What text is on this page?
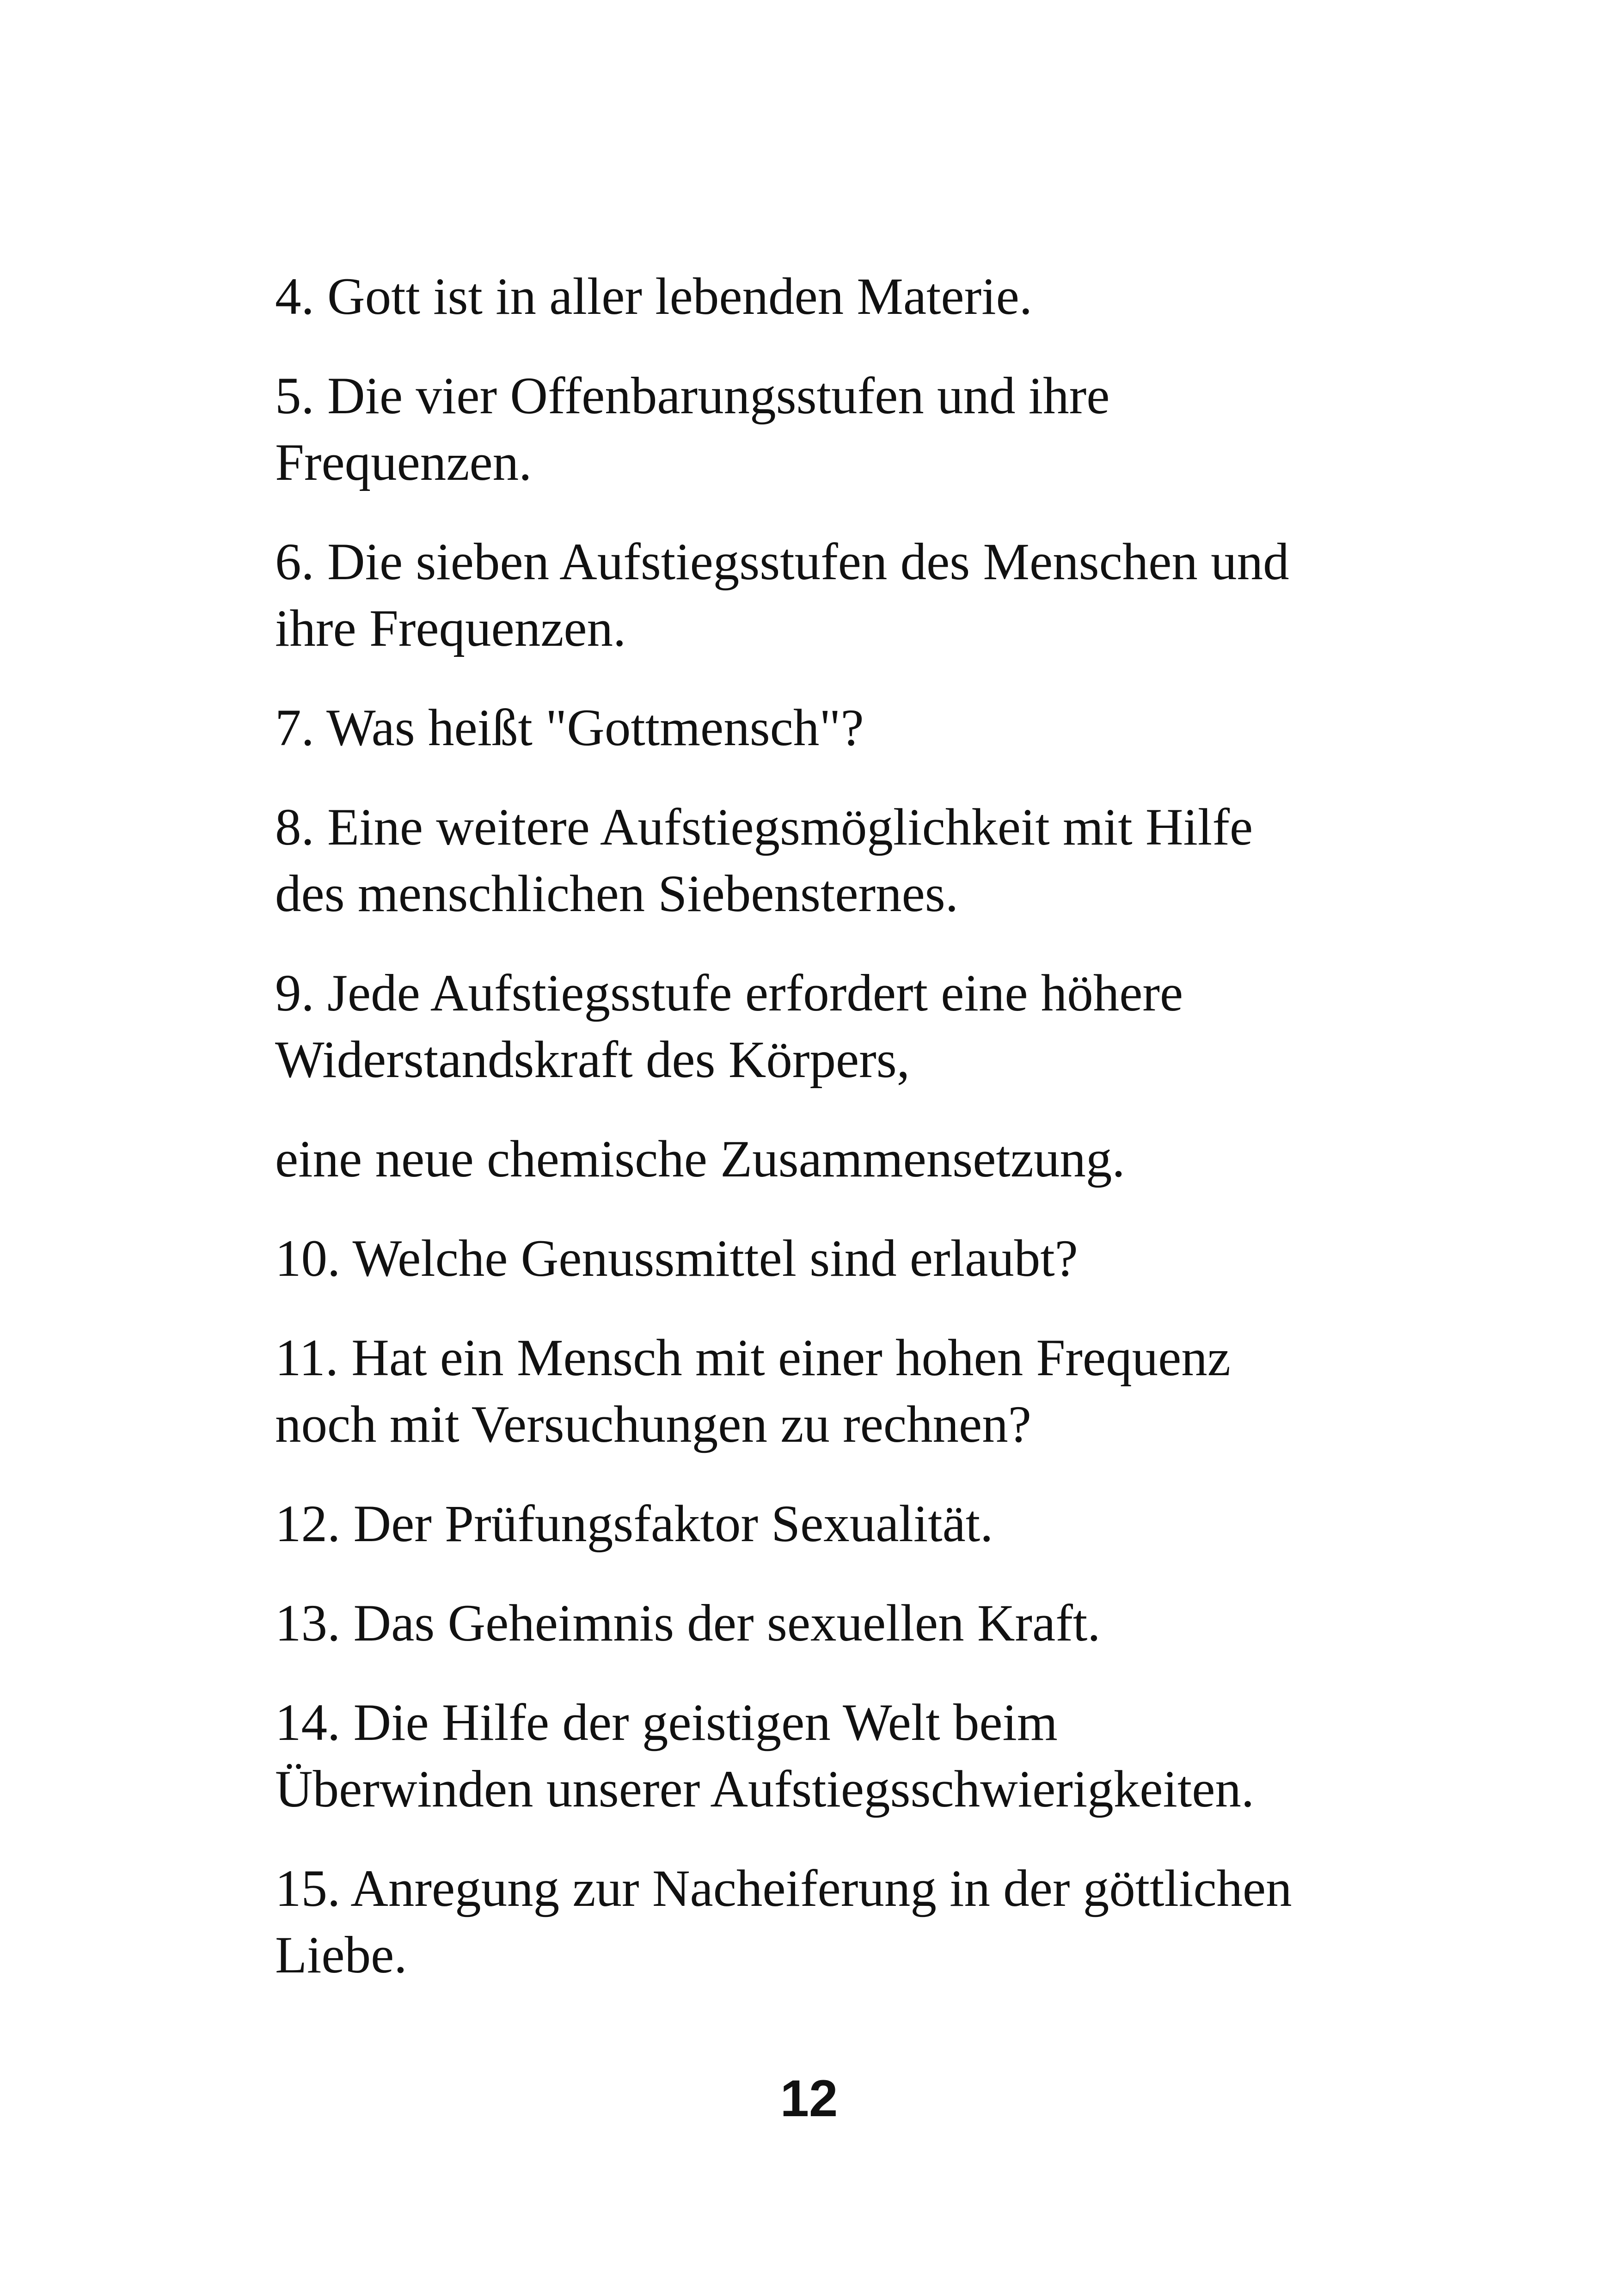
4. Gott ist in aller lebenden Materie.
5. Die vier Offenbarungsstufen und ihre
Frequenzen.
6. Die sieben Aufstiegsstufen des Menschen und
ihre Frequenzen.
7. Was heißt "Gottmensch"?
8. Eine weitere Aufstiegsmöglichkeit mit Hilfe
des menschlichen Siebensternes.
9. Jede Aufstiegsstufe erfordert eine höhere
Widerstandskraft des Körpers,
eine neue chemische Zusammensetzung.
10. Welche Genussmittel sind erlaubt?
11. Hat ein Mensch mit einer hohen Frequenz
noch mit Versuchungen zu rechnen?
12. Der Prüfungsfaktor Sexualität.
13. Das Geheimnis der sexuellen Kraft.
14. Die Hilfe der geistigen Welt beim
Überwinden unserer Aufstiegsschwierigkeiten.
15. Anregung zur Nacheiferung in der göttlichen
Liebe.
12
